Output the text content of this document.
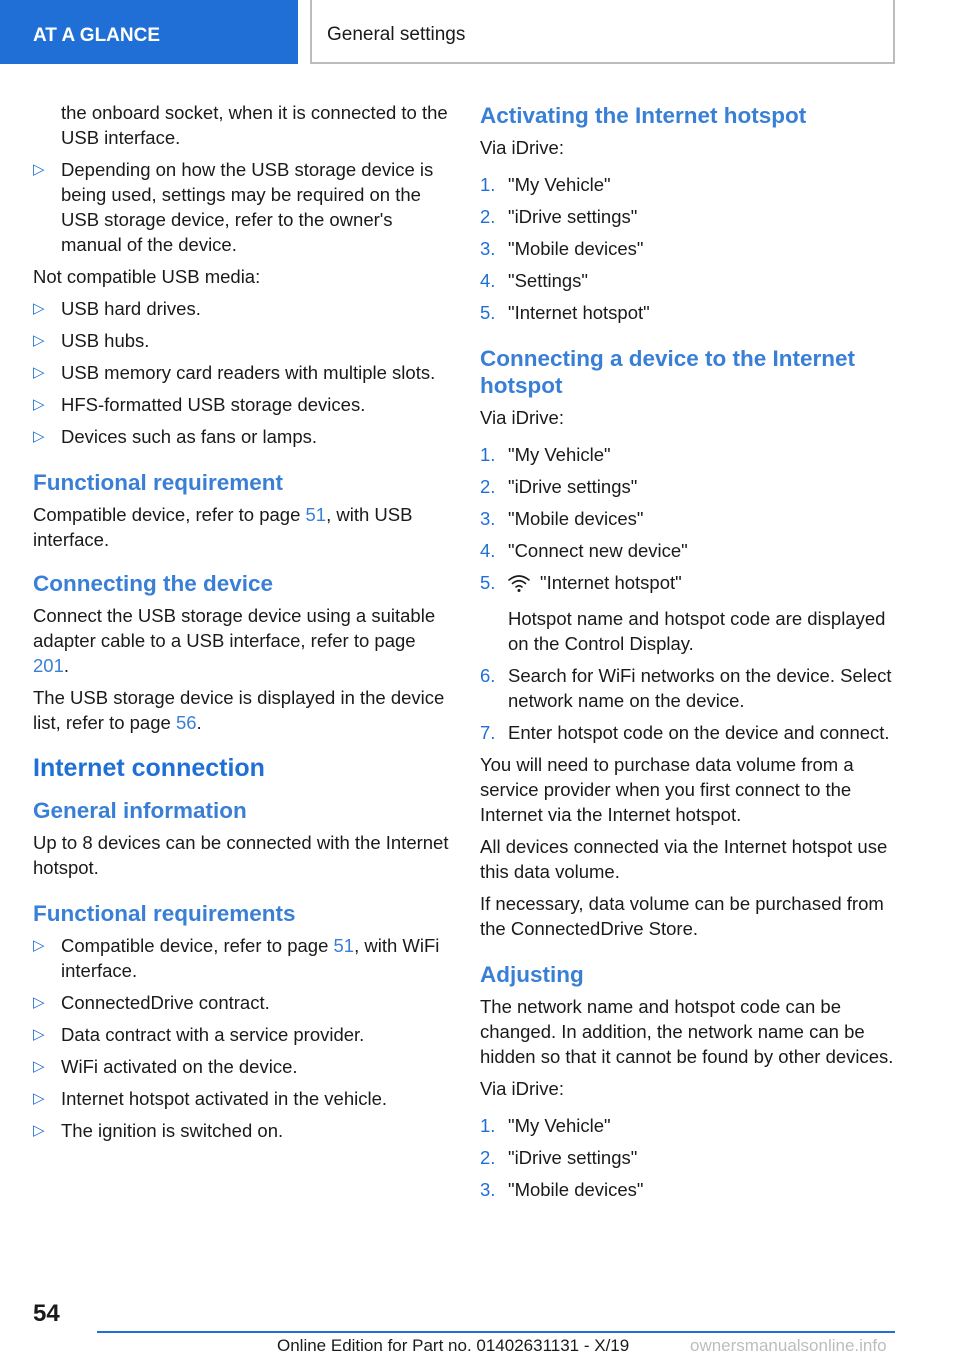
AT A GLANCE	General settings

the onboard socket, when it is connected to the USB interface.

▷ Depending on how the USB storage device is being used, settings may be required on the USB storage device, refer to the owner's manual of the device.

Not compatible USB media:

▷ USB hard drives.
▷ USB hubs.
▷ USB memory card readers with multiple slots.
▷ HFS-formatted USB storage devices.
▷ Devices such as fans or lamps.
Functional requirement

Compatible device, refer to page 51, with USB interface.

Connecting the device

Connect the USB storage device using a suitable adapter cable to a USB interface, refer to page 201.

The USB storage device is displayed in the device list, refer to page 56.

Internet connection
General information

Up to 8 devices can be connected with the Internet hotspot.

Functional requirements
▷ Compatible device, refer to page 51, with WiFi interface.
▷ ConnectedDrive contract.
▷ Data contract with a service provider.
▷ WiFi activated on the device.
▷ Internet hotspot activated in the vehicle.
▷ The ignition is switched on.
Activating the Internet hotspot

Via iDrive:

1. "My Vehicle"
2. "iDrive settings"
3. "Mobile devices"
4. "Settings"
5. "Internet hotspot"
Connecting a device to the Internet hotspot

Via iDrive:

1. "My Vehicle"
2. "iDrive settings"
3. "Mobile devices"
4. "Connect new device"
5. "Internet hotspot"

Hotspot name and hotspot code are displayed on the Control Display.

6. Search for WiFi networks on the device. Select network name on the device.
7. Enter hotspot code on the device and connect.

You will need to purchase data volume from a service provider when you first connect to the Internet via the Internet hotspot.

All devices connected via the Internet hotspot use this data volume.

If necessary, data volume can be purchased from the ConnectedDrive Store.

Adjusting

The network name and hotspot code can be changed. In addition, the network name can be hidden so that it cannot be found by other devices.

Via iDrive:

1. "My Vehicle"
2. "iDrive settings"
3. "Mobile devices"
54
Online Edition for Part no. 01402631131 - X/19	ownersmanualsonline.info
